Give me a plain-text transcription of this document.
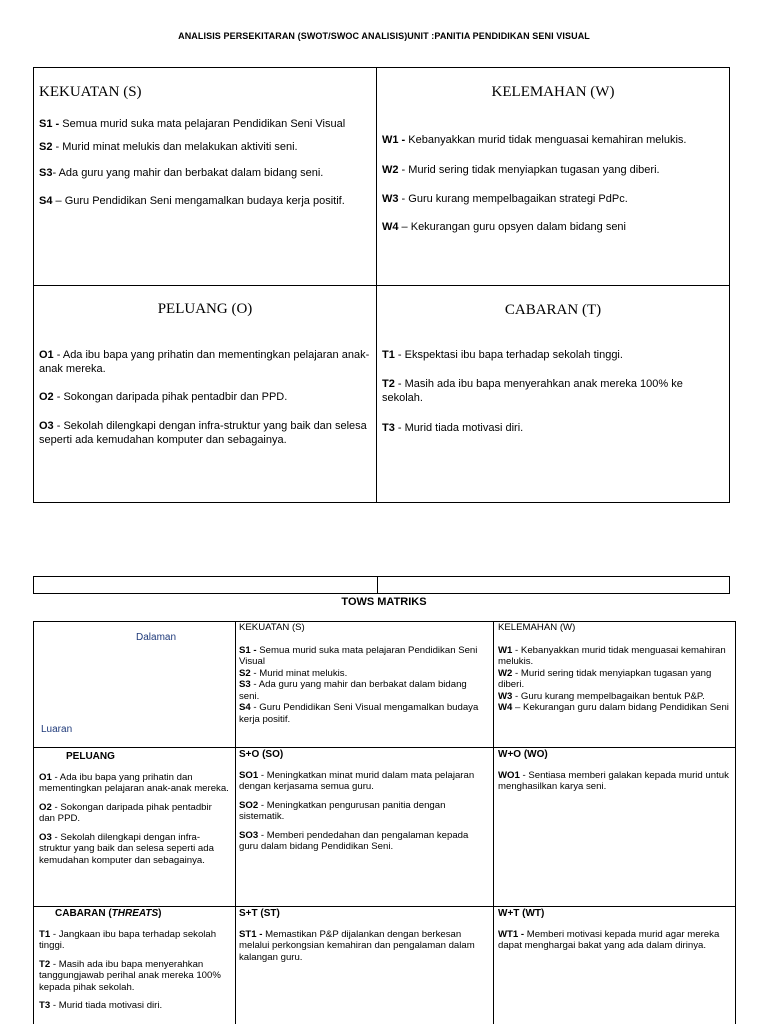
ANALISIS PERSEKITARAN (SWOT/SWOC ANALISIS)UNIT :PANITIA PENDIDIKAN SENI VISUAL
KEKUATAN (S)
S1 - Semua murid suka mata pelajaran Pendidikan Seni Visual
S2 - Murid minat melukis dan melakukan aktiviti seni.
S3- Ada guru yang mahir dan berbakat dalam bidang seni.
S4 – Guru Pendidikan Seni mengamalkan budaya kerja positif.
KELEMAHAN (W)
W1 - Kebanyakkan murid tidak menguasai kemahiran melukis.
W2 - Murid sering tidak menyiapkan tugasan yang diberi.
W3 - Guru kurang mempelbagaikan strategi PdPc.
W4 – Kekurangan guru opsyen dalam bidang seni
PELUANG (O)
O1 - Ada ibu bapa yang prihatin dan mementingkan pelajaran anak-anak mereka.
O2 - Sokongan daripada pihak pentadbir dan PPD.
O3 - Sekolah dilengkapi dengan infra-struktur yang baik dan selesa seperti ada kemudahan komputer dan sebagainya.
CABARAN (T)
T1 - Ekspektasi ibu bapa terhadap sekolah tinggi.
T2 - Masih ada ibu bapa menyerahkan anak mereka 100% ke sekolah.
T3 - Murid tiada motivasi diri.
TOWS MATRIKS
Dalaman
Luaran
KEKUATAN (S)
S1 - Semua murid suka mata pelajaran Pendidikan Seni Visual
S2 - Murid minat melukis.
S3 - Ada guru yang mahir dan berbakat dalam bidang seni.
S4 - Guru Pendidikan Seni Visual mengamalkan budaya kerja positif.
KELEMAHAN (W)
W1 - Kebanyakkan murid tidak menguasai kemahiran melukis.
W2 - Murid sering tidak menyiapkan tugasan yang diberi.
W3 - Guru kurang mempelbagaikan bentuk P&P.
W4 – Kekurangan guru dalam bidang Pendidikan Seni
PELUANG
O1 - Ada ibu bapa yang prihatin dan mementingkan pelajaran anak-anak mereka.
O2 - Sokongan daripada pihak pentadbir dan PPD.
O3 - Sekolah dilengkapi dengan infra-struktur yang baik dan selesa seperti ada kemudahan komputer dan sebagainya.
S+O (SO)
SO1 - Meningkatkan minat murid dalam mata pelajaran dengan kerjasama semua guru.
SO2 - Meningkatkan pengurusan panitia dengan sistematik.
SO3 - Memberi pendedahan dan pengalaman kepada guru dalam bidang Pendidikan Seni.
W+O (WO)
WO1 - Sentiasa memberi galakan kepada murid untuk menghasilkan karya seni.
CABARAN (THREATS)
T1 - Jangkaan ibu bapa terhadap sekolah tinggi.
T2 - Masih ada ibu bapa menyerahkan tanggungjawab perihal anak mereka 100% kepada pihak sekolah.
T3 - Murid tiada motivasi diri.
S+T (ST)
ST1 - Memastikan P&P dijalankan dengan berkesan melalui perkongsian kemahiran dan pengalaman dalam kalangan guru.
W+T (WT)
WT1 - Memberi motivasi kepada murid agar mereka dapat menghargai bakat yang ada dalam dirinya.
